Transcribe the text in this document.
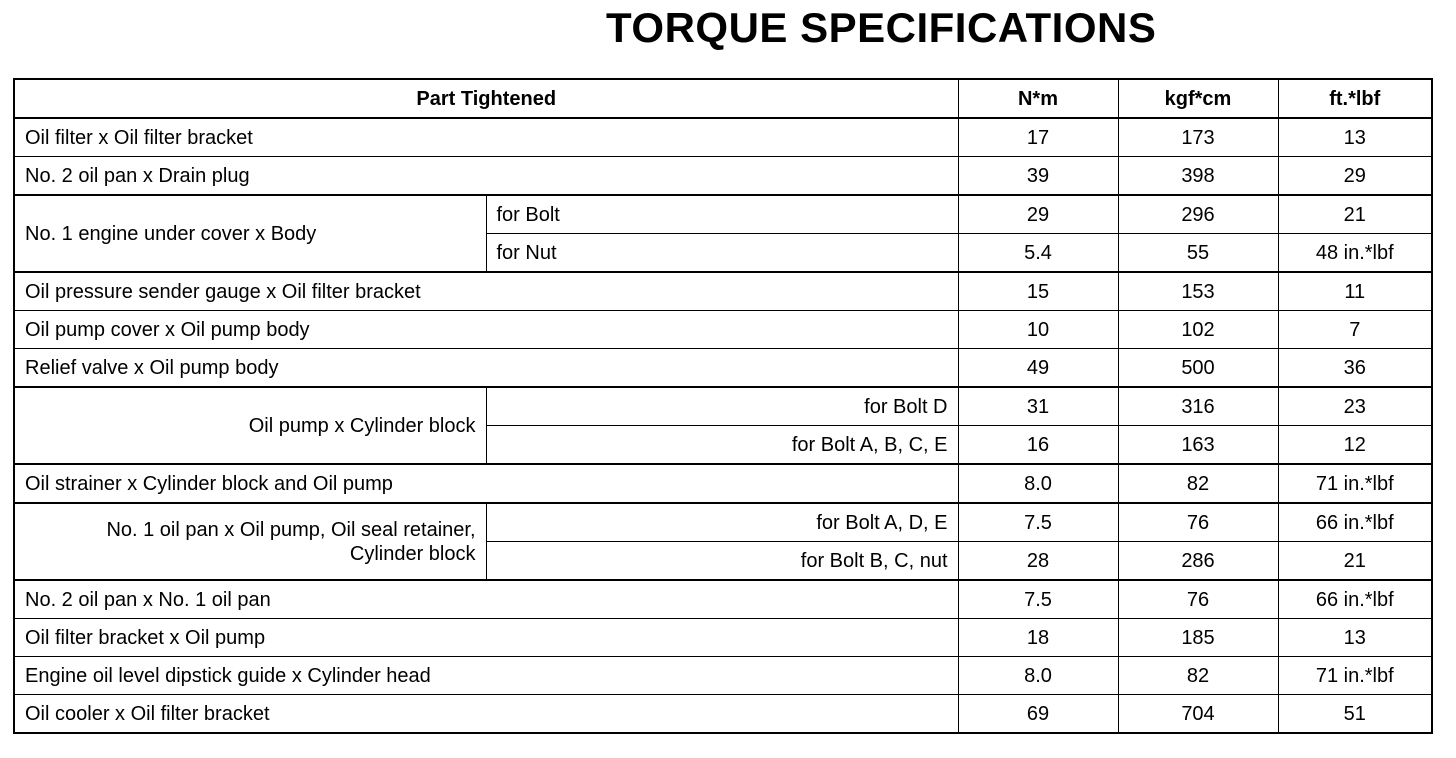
TORQUE SPECIFICATIONS
Part Tightened		N*m	kgf*cm	ft.*lbf
Oil filter x Oil filter bracket		17	173	13
No. 2 oil pan x Drain plug		39	398	29
No. 1 engine under cover x Body	for Bolt	29	296	21
	for Nut	5.4	55	48 in.*lbf
Oil pressure sender gauge x Oil filter bracket		15	153	11
Oil pump cover x Oil pump body		10	102	7
Relief valve x Oil pump body		49	500	36
Oil pump x Cylinder block	for Bolt D	31	316	23
	for Bolt A, B, C, E	16	163	12
Oil strainer x Cylinder block and Oil pump		8.0	82	71 in.*lbf

No. 1 oil pan x Oil pump, Oil seal retainer,
Cylinder block	for Bolt A, D, E	7.5	76	66 in.*lbf
	for Bolt B, C, nut	28	286	21
No. 2 oil pan x No. 1 oil pan		7.5	76	66 in.*lbf
Oil filter bracket x Oil pump		18	185	13
Engine oil level dipstick guide x Cylinder head		8.0	82	71 in.*lbf
Oil cooler x Oil filter bracket		69	704	51
